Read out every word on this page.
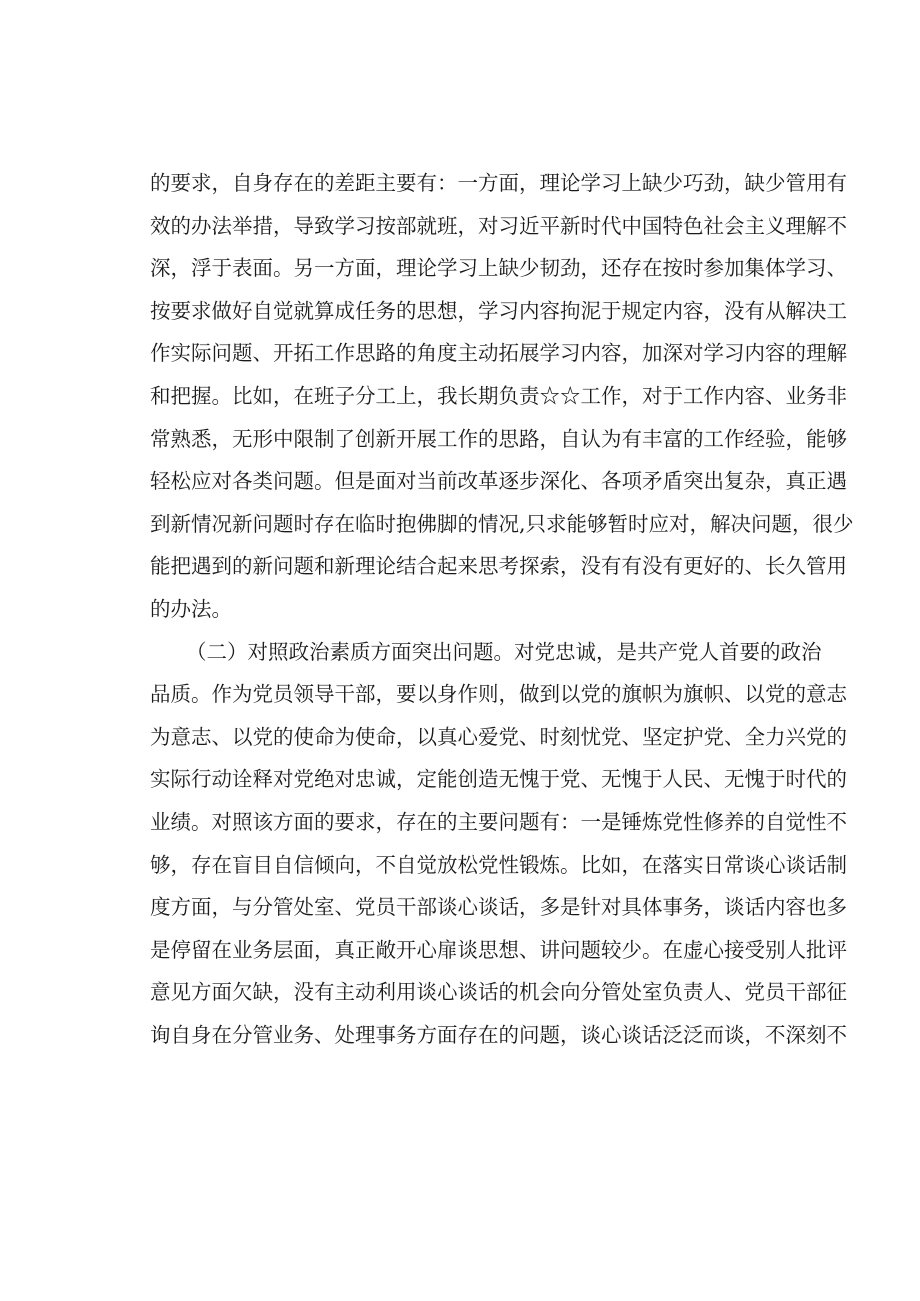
的要求，自身存在的差距主要有：一方面，理论学习上缺少巧劲，缺少管用有
效的办法举措，导致学习按部就班，对习近平新时代中国特色社会主义理解不
深，浮于表面。另一方面，理论学习上缺少韧劲，还存在按时参加集体学习、
按要求做好自觉就算成任务的思想，学习内容拘泥于规定内容，没有从解决工
作实际问题、开拓工作思路的角度主动拓展学习内容，加深对学习内容的理解
和把握。比如，在班子分工上，我长期负责☆☆工作，对于工作内容、业务非
常熟悉，无形中限制了创新开展工作的思路，自认为有丰富的工作经验，能够
轻松应对各类问题。但是面对当前改革逐步深化、各项矛盾突出复杂，真正遇
到新情况新问题时存在临时抱佛脚的情况,只求能够暂时应对，解决问题，很少
能把遇到的新问题和新理论结合起来思考探索，没有有没有更好的、长久管用
的办法。
（二）对照政治素质方面突出问题。对党忠诚，是共产党人首要的政治
品质。作为党员领导干部，要以身作则，做到以党的旗帜为旗帜、以党的意志
为意志、以党的使命为使命，以真心爱党、时刻忧党、坚定护党、全力兴党的
实际行动诠释对党绝对忠诚，定能创造无愧于党、无愧于人民、无愧于时代的
业绩。对照该方面的要求，存在的主要问题有：一是锤炼党性修养的自觉性不
够，存在盲目自信倾向，不自觉放松党性锻炼。比如，在落实日常谈心谈话制
度方面，与分管处室、党员干部谈心谈话，多是针对具体事务，谈话内容也多
是停留在业务层面，真正敞开心扉谈思想、讲问题较少。在虚心接受别人批评
意见方面欠缺，没有主动利用谈心谈话的机会向分管处室负责人、党员干部征
询自身在分管业务、处理事务方面存在的问题，谈心谈话泛泛而谈，不深刻不
